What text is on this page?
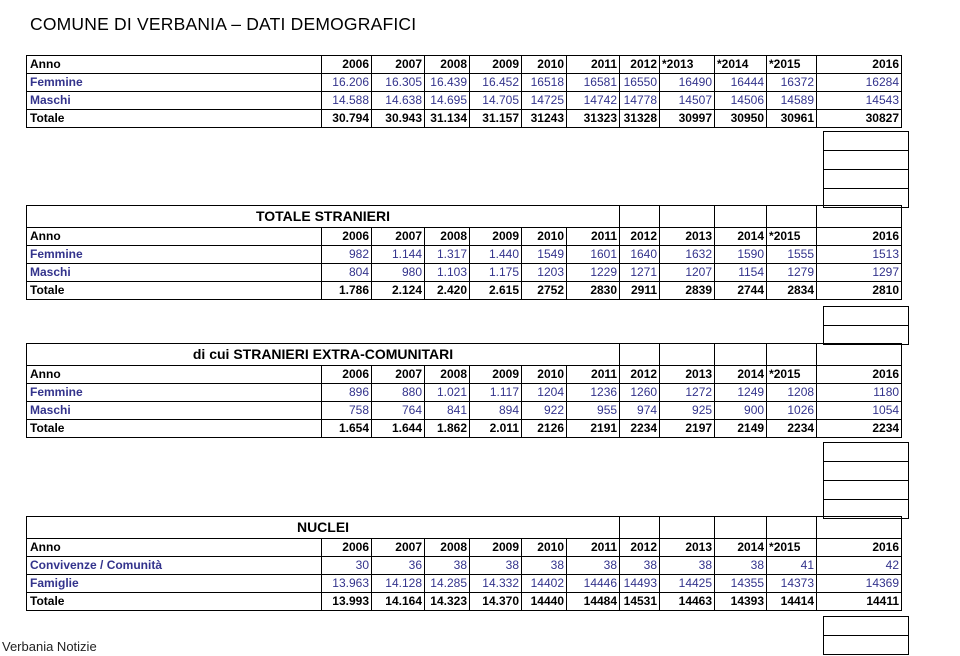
COMUNE DI VERBANIA – DATI DEMOGRAFICI
Anno	2006	2007	2008	2009	2010	2011	2012	*2013	*2014	*2015	2016
Femmine	16.206	16.305	16.439	16.452	16518	16581	16550	16490	16444	16372	16284
Maschi	14.588	14.638	14.695	14.705	14725	14742	14778	14507	14506	14589	14543
Totale	30.794	30.943	31.134	31.157	31243	31323	31328	30997	30950	30961	30827
TOTALE STRANIERI											
Anno	2006	2007	2008	2009	2010	2011	2012	2013	2014	*2015	2016
Femmine	982	1.144	1.317	1.440	1549	1601	1640	1632	1590	1555	1513
Maschi	804	980	1.103	1.175	1203	1229	1271	1207	1154	1279	1297
Totale	1.786	2.124	2.420	2.615	2752	2830	2911	2839	2744	2834	2810
di cui STRANIERI EXTRA-COMUNITARI											
Anno	2006	2007	2008	2009	2010	2011	2012	2013	2014	*2015	2016
Femmine	896	880	1.021	1.117	1204	1236	1260	1272	1249	1208	1180
Maschi	758	764	841	894	922	955	974	925	900	1026	1054
Totale	1.654	1.644	1.862	2.011	2126	2191	2234	2197	2149	2234	2234
NUCLEI											
Anno	2006	2007	2008	2009	2010	2011	2012	2013	2014	*2015	2016
Convivenze / Comunità	30	36	38	38	38	38	38	38	38	41	42
Famiglie	13.963	14.128	14.285	14.332	14402	14446	14493	14425	14355	14373	14369
Totale	13.993	14.164	14.323	14.370	14440	14484	14531	14463	14393	14414	14411
Verbania Notizie
